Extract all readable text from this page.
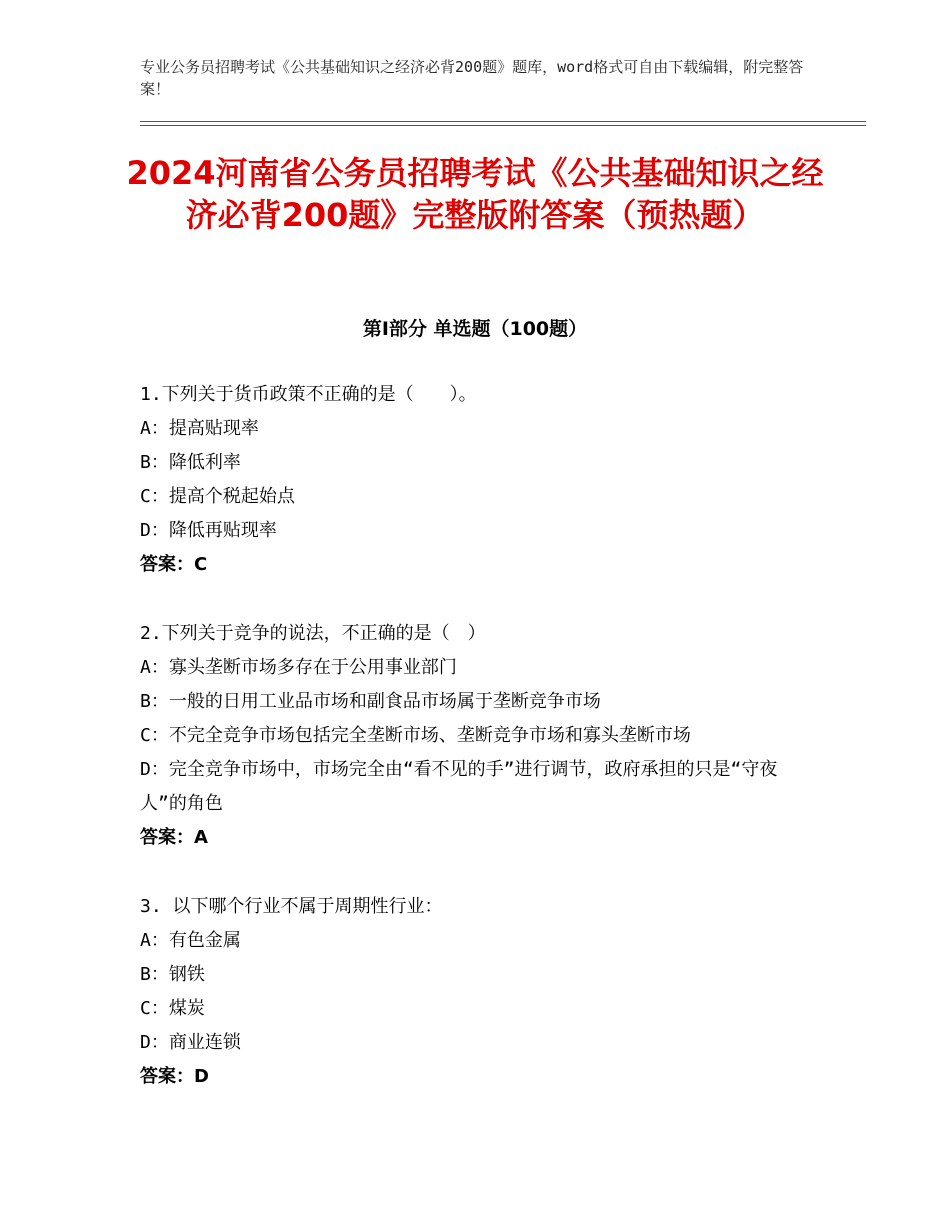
专业公务员招聘考试《公共基础知识之经济必背200题》题库，word格式可自由下载编辑，附完整答案！
2024河南省公务员招聘考试《公共基础知识之经济必背200题》完整版附答案（预热题）
第Ⅰ部分 单选题（100题）

1.下列关于货币政策不正确的是（　　）。

A：提高贴现率

B：降低利率

C：提高个税起始点

D：降低再贴现率

答案：C

2.下列关于竞争的说法，不正确的是（　）

A：寡头垄断市场多存在于公用事业部门

B：一般的日用工业品市场和副食品市场属于垄断竞争市场

C：不完全竞争市场包括完全垄断市场、垄断竞争市场和寡头垄断市场

D：完全竞争市场中，市场完全由“看不见的手”进行调节，政府承担的只是“守夜人”的角色

答案：A

3. 以下哪个行业不属于周期性行业：

A：有色金属

B：钢铁

C：煤炭

D：商业连锁

答案：D
